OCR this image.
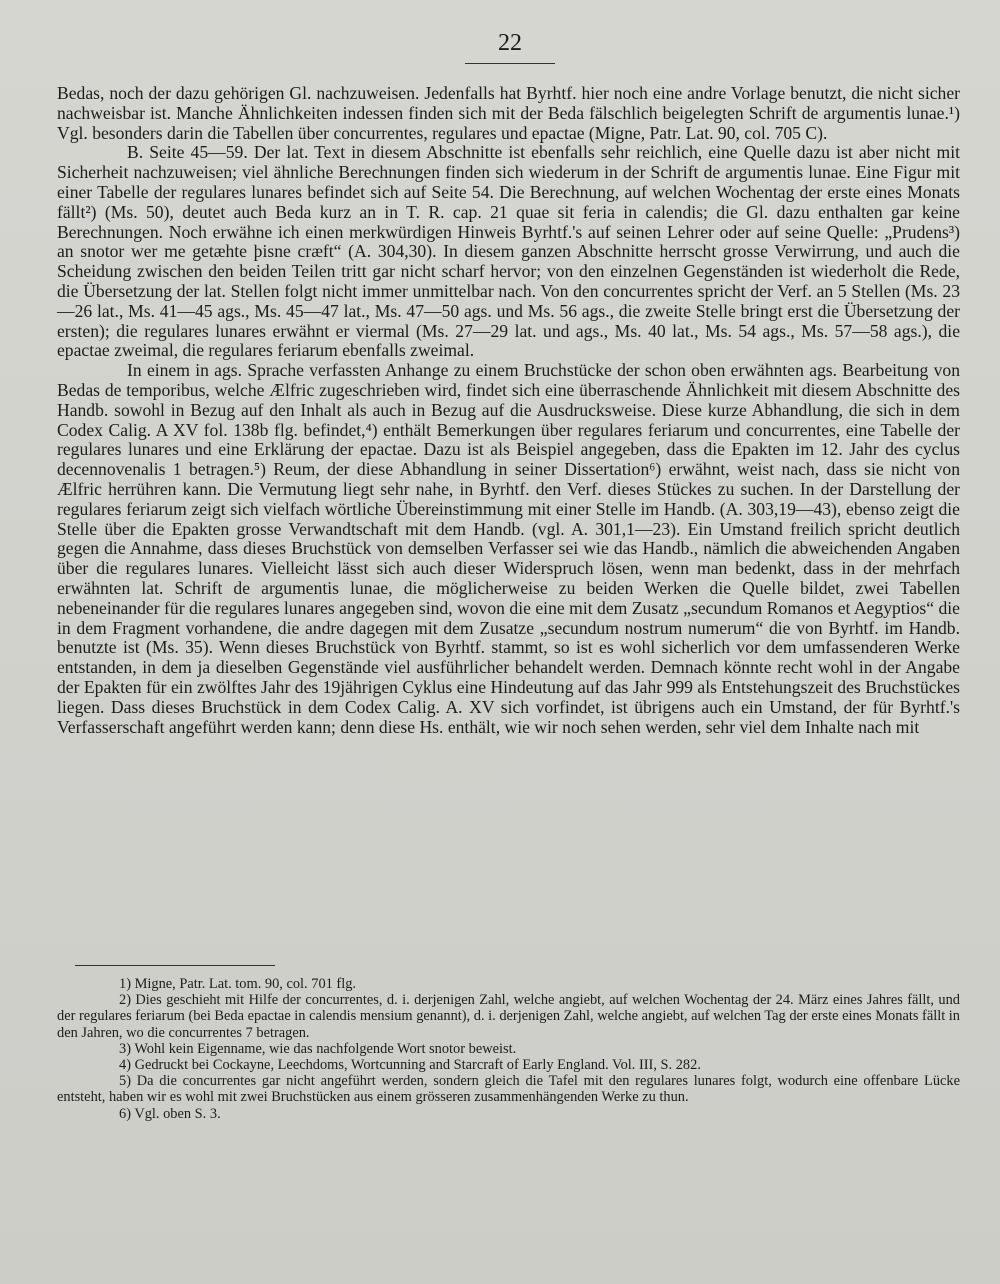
22

Bedas, noch der dazu gehörigen Gl. nachzuweisen. Jedenfalls hat Byrhtf. hier noch eine andre Vorlage benutzt, die nicht sicher nachweisbar ist. Manche Ähnlichkeiten indessen finden sich mit der Beda fälschlich beigelegten Schrift de argumentis lunae.¹) Vgl. besonders darin die Tabellen über concurrentes, regulares und epactae (Migne, Patr. Lat. 90, col. 705 C).

B. Seite 45—59. Der lat. Text in diesem Abschnitte ist ebenfalls sehr reichlich, eine Quelle dazu ist aber nicht mit Sicherheit nachzuweisen; viel ähnliche Berechnungen finden sich wiederum in der Schrift de argumentis lunae. Eine Figur mit einer Tabelle der regulares lunares befindet sich auf Seite 54. Die Berechnung, auf welchen Wochentag der erste eines Monats fällt²) (Ms. 50), deutet auch Beda kurz an in T. R. cap. 21 quae sit feria in calendis; die Gl. dazu enthalten gar keine Berechnungen. Noch erwähne ich einen merkwürdigen Hinweis Byrhtf.'s auf seinen Lehrer oder auf seine Quelle: „Prudens³) an snotor wer me getæhte þisne cræft“ (A. 304,30). In diesem ganzen Abschnitte herrscht grosse Verwirrung, und auch die Scheidung zwischen den beiden Teilen tritt gar nicht scharf hervor; von den einzelnen Gegenständen ist wiederholt die Rede, die Übersetzung der lat. Stellen folgt nicht immer unmittelbar nach. Von den concurrentes spricht der Verf. an 5 Stellen (Ms. 23—26 lat., Ms. 41—45 ags., Ms. 45—47 lat., Ms. 47—50 ags. und Ms. 56 ags., die zweite Stelle bringt erst die Übersetzung der ersten); die regulares lunares erwähnt er viermal (Ms. 27—29 lat. und ags., Ms. 40 lat., Ms. 54 ags., Ms. 57—58 ags.), die epactae zweimal, die regulares feriarum ebenfalls zweimal.

In einem in ags. Sprache verfassten Anhange zu einem Bruchstücke der schon oben erwähnten ags. Bearbeitung von Bedas de temporibus, welche Ælfric zugeschrieben wird, findet sich eine überraschende Ähnlichkeit mit diesem Abschnitte des Handb. sowohl in Bezug auf den Inhalt als auch in Bezug auf die Ausdrucksweise. Diese kurze Abhandlung, die sich in dem Codex Calig. A XV fol. 138b flg. befindet,⁴) enthält Bemerkungen über regulares feriarum und concurrentes, eine Tabelle der regulares lunares und eine Erklärung der epactae. Dazu ist als Beispiel angegeben, dass die Epakten im 12. Jahr des cyclus decennovenalis 1 betragen.⁵) Reum, der diese Abhandlung in seiner Dissertation⁶) erwähnt, weist nach, dass sie nicht von Ælfric herrühren kann. Die Vermutung liegt sehr nahe, in Byrhtf. den Verf. dieses Stückes zu suchen. In der Darstellung der regulares feriarum zeigt sich vielfach wörtliche Übereinstimmung mit einer Stelle im Handb. (A. 303,19—43), ebenso zeigt die Stelle über die Epakten grosse Verwandtschaft mit dem Handb. (vgl. A. 301,1—23). Ein Umstand freilich spricht deutlich gegen die Annahme, dass dieses Bruchstück von demselben Verfasser sei wie das Handb., nämlich die abweichenden Angaben über die regulares lunares. Vielleicht lässt sich auch dieser Widerspruch lösen, wenn man bedenkt, dass in der mehrfach erwähnten lat. Schrift de argumentis lunae, die möglicherweise zu beiden Werken die Quelle bildet, zwei Tabellen nebeneinander für die regulares lunares angegeben sind, wovon die eine mit dem Zusatz „secundum Romanos et Aegyptios“ die in dem Fragment vorhandene, die andre dagegen mit dem Zusatze „secundum nostrum numerum“ die von Byrhtf. im Handb. benutzte ist (Ms. 35). Wenn dieses Bruchstück von Byrhtf. stammt, so ist es wohl sicherlich vor dem umfassenderen Werke entstanden, in dem ja dieselben Gegenstände viel ausführlicher behandelt werden. Demnach könnte recht wohl in der Angabe der Epakten für ein zwölftes Jahr des 19jährigen Cyklus eine Hindeutung auf das Jahr 999 als Entstehungszeit des Bruchstückes liegen. Dass dieses Bruchstück in dem Codex Calig. A. XV sich vorfindet, ist übrigens auch ein Umstand, der für Byrhtf.'s Verfasserschaft angeführt werden kann; denn diese Hs. enthält, wie wir noch sehen werden, sehr viel dem Inhalte nach mit

1) Migne, Patr. Lat. tom. 90, col. 701 flg.

2) Dies geschieht mit Hilfe der concurrentes, d. i. derjenigen Zahl, welche angiebt, auf welchen Wochentag der 24. März eines Jahres fällt, und der regulares feriarum (bei Beda epactae in calendis mensium genannt), d. i. derjenigen Zahl, welche angiebt, auf welchen Tag der erste eines Monats fällt in den Jahren, wo die concurrentes 7 betragen.

3) Wohl kein Eigenname, wie das nachfolgende Wort snotor beweist.

4) Gedruckt bei Cockayne, Leechdoms, Wortcunning and Starcraft of Early England. Vol. III, S. 282.

5) Da die concurrentes gar nicht angeführt werden, sondern gleich die Tafel mit den regulares lunares folgt, wodurch eine offenbare Lücke entsteht, haben wir es wohl mit zwei Bruchstücken aus einem grösseren zusammenhängenden Werke zu thun.

6) Vgl. oben S. 3.
